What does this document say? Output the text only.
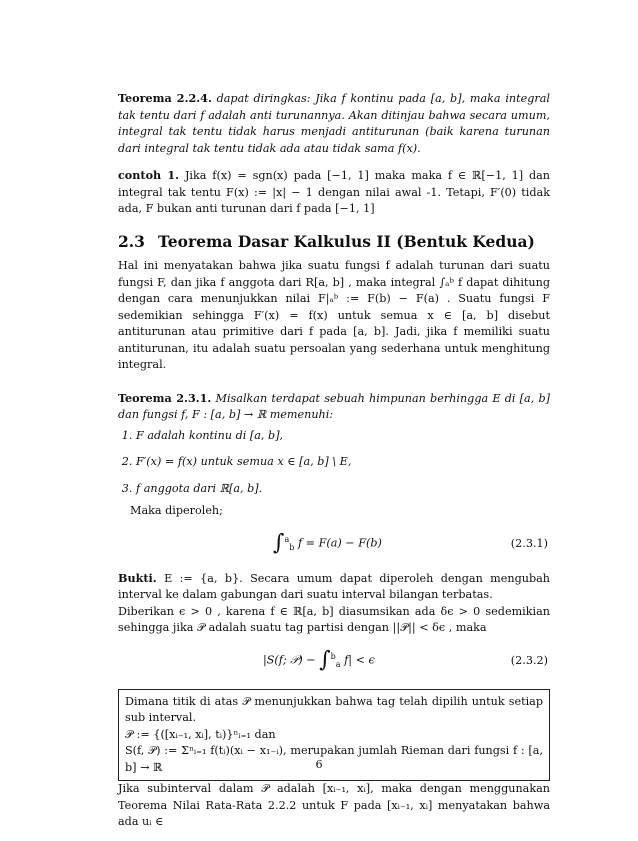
Teorema 2.2.4. dapat diringkas: Jika f kontinu pada [a, b], maka integral tak tentu dari f adalah anti turunannya. Akan ditinjau bahwa secara umum, integral tak tentu tidak harus menjadi antiturunan (baik karena turunan dari integral tak tentu tidak ada atau tidak sama f(x).

contoh 1. Jika f(x) = sgn(x) pada [−1, 1] maka maka f ∈ ℝ[−1, 1] dan integral tak tentu F(x) := |x| − 1 dengan nilai awal -1. Tetapi, F′(0) tidak ada, F bukan anti turunan dari f pada [−1, 1]

2.3 Teorema Dasar Kalkulus II (Bentuk Kedua)

Hal ini menyatakan bahwa jika suatu fungsi f adalah turunan dari suatu fungsi F, dan jika f anggota dari R[a, b] , maka integral ∫ₐᵇ f dapat dihitung dengan cara menunjukkan nilai F|ₐᵇ := F(b) − F(a) . Suatu fungsi F sedemikian sehingga F′(x) = f(x) untuk semua x ∈ [a, b] disebut antiturunan atau primitive dari f pada [a, b]. Jadi, jika f memiliki suatu antiturunan, itu adalah suatu persoalan yang sederhana untuk menghitung integral.

Teorema 2.3.1. Misalkan terdapat sebuah himpunan berhingga E di [a, b] dan fungsi f, F : [a, b] → ℝ memenuhi:

1. F adalah kontinu di [a, b],
2. F′(x) = f(x) untuk semua x ∈ [a, b] \ E,
3. f anggota dari ℝ[a, b].
Maka diperoleh;
∫$^a_b$ f = F(a) − F(b)	(2.3.1)

Bukti. E := {a, b}. Secara umum dapat diperoleh dengan mengubah interval ke dalam gabungan dari suatu interval bilangan terbatas.

Diberikan ϵ > 0 , karena f ∈ ℝ[a, b] diasumsikan ada δϵ > 0 sedemikian sehingga jika 𝒫 adalah suatu tag partisi dengan ||𝒫|| < δϵ , maka

|S(f; 𝒫) − ∫$^b_a$ f| < ϵ	(2.3.2)

Dimana titik di atas 𝒫 menunjukkan bahwa tag telah dipilih untuk setiap sub interval.

𝒫 := {([xᵢ₋₁, xᵢ], tᵢ)}ⁿᵢ₌₁ dan

S(f, 𝒫) := Σⁿᵢ₌₁ f(tᵢ)(xᵢ − x₁₋ᵢ), merupakan jumlah Rieman dari fungsi f : [a, b] → ℝ

Jika subinterval dalam 𝒫 adalah [xᵢ₋₁, xᵢ], maka dengan menggunakan Teorema Nilai Rata-Rata 2.2.2 untuk F pada [xᵢ₋₁, xᵢ] menyatakan bahwa ada uᵢ ∈

6
